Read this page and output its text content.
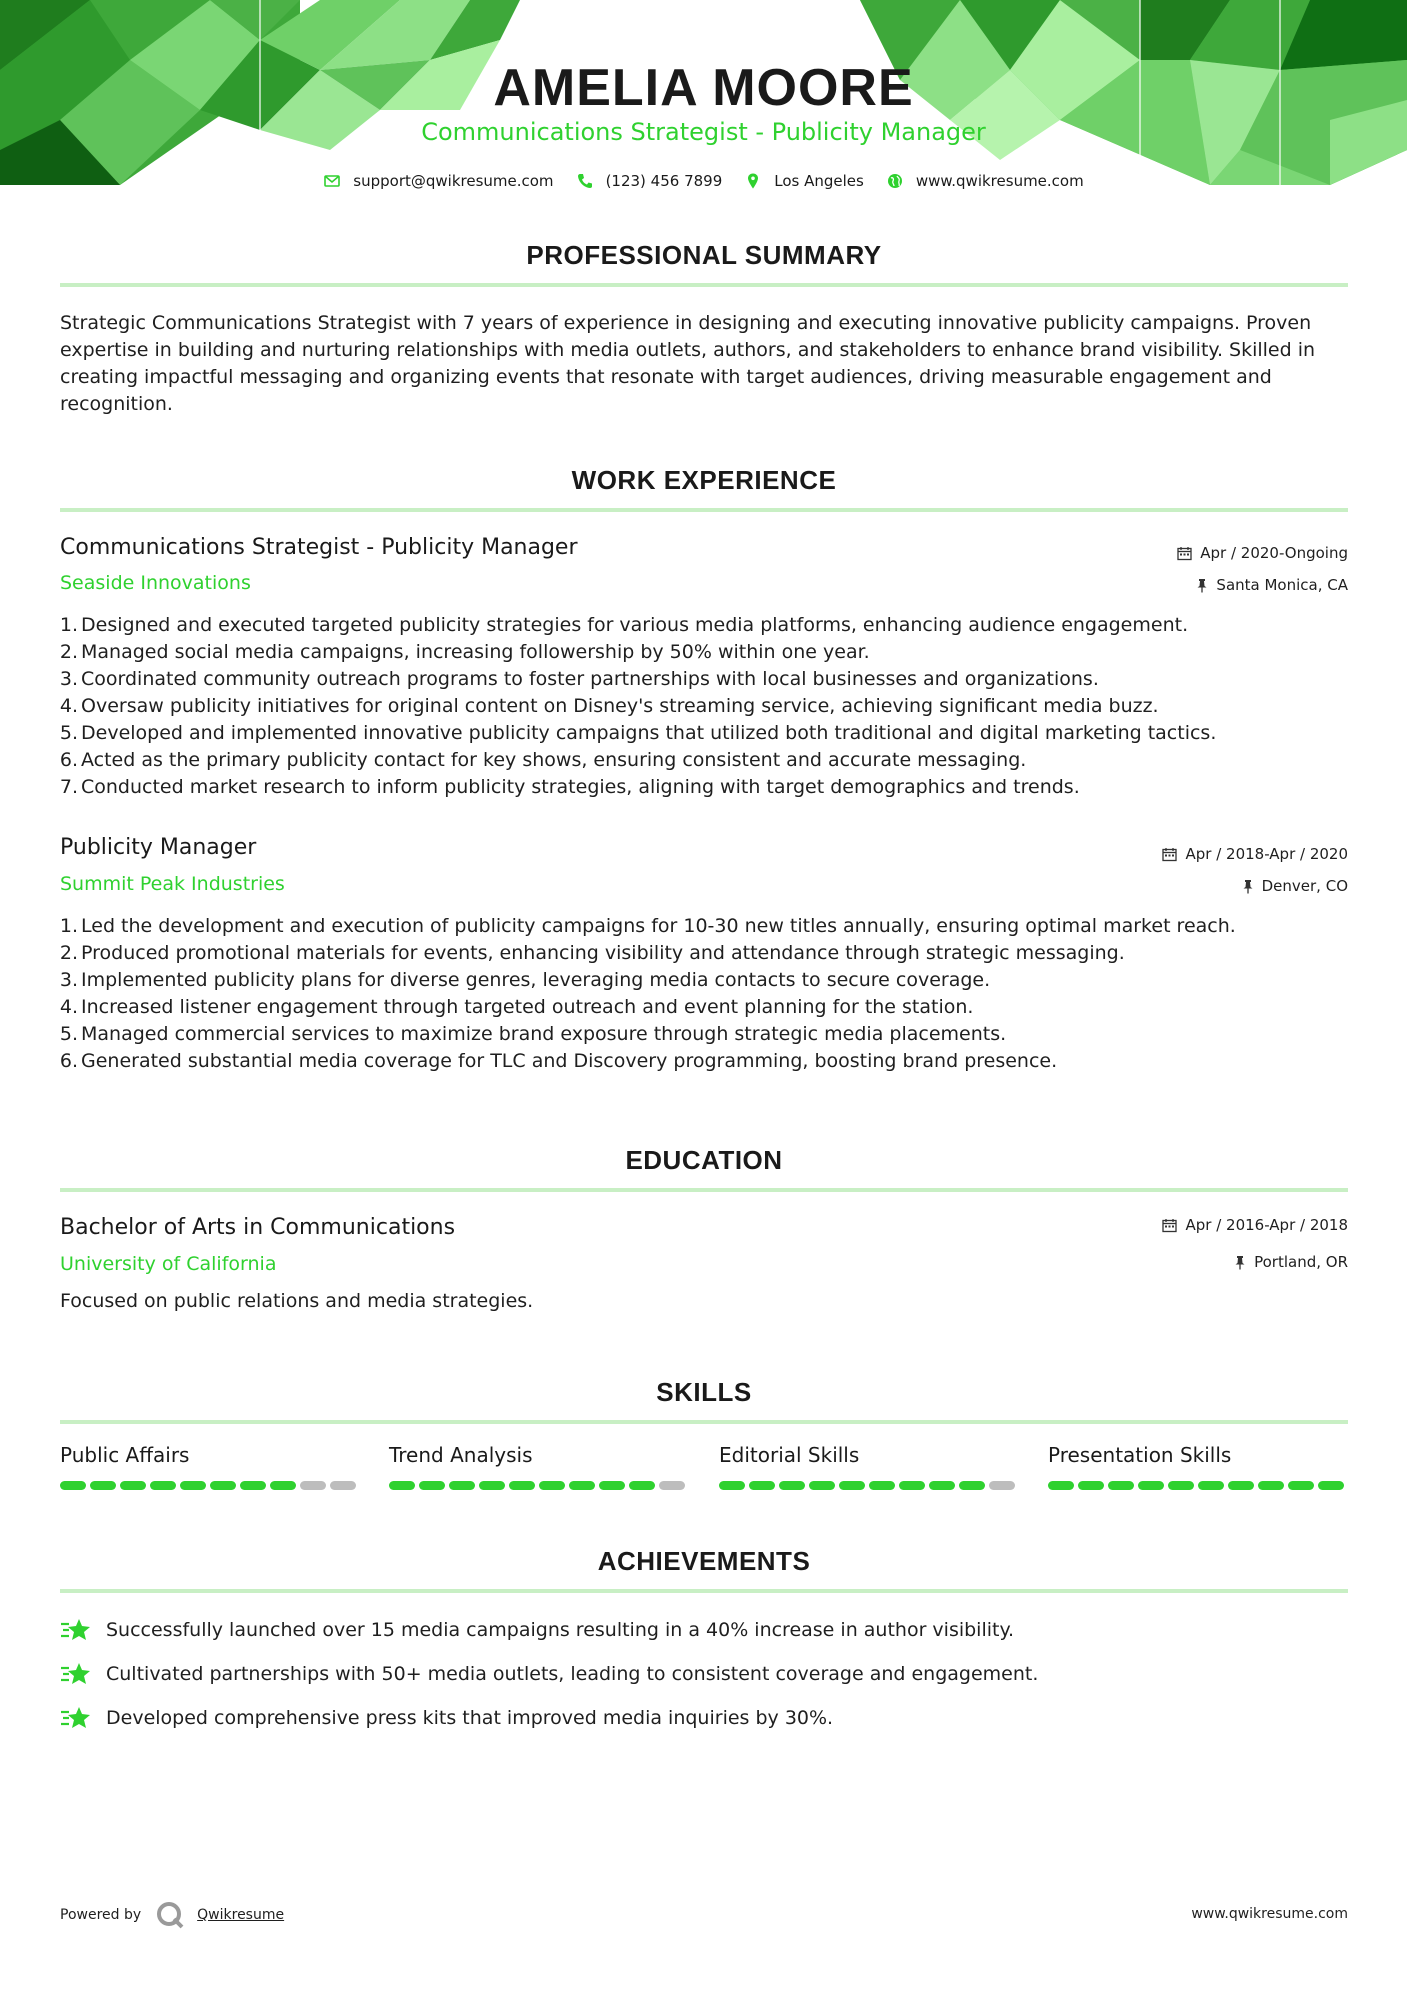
AMELIA MOORE
Communications Strategist - Publicity Manager
support@qwikresume.com	(123) 456 7899	Los Angeles	www.qwikresume.com
PROFESSIONAL SUMMARY
Strategic Communications Strategist with 7 years of experience in designing and executing innovative publicity campaigns. Proven expertise in building and nurturing relationships with media outlets, authors, and stakeholders to enhance brand visibility. Skilled in creating impactful messaging and organizing events that resonate with target audiences, driving measurable engagement and recognition.
WORK EXPERIENCE
Communications Strategist - Publicity Manager
Seaside Innovations
Apr / 2020-Ongoing
Santa Monica, CA
1. Designed and executed targeted publicity strategies for various media platforms, enhancing audience engagement.
2. Managed social media campaigns, increasing followership by 50% within one year.
3. Coordinated community outreach programs to foster partnerships with local businesses and organizations.
4. Oversaw publicity initiatives for original content on Disney's streaming service, achieving significant media buzz.
5. Developed and implemented innovative publicity campaigns that utilized both traditional and digital marketing tactics.
6. Acted as the primary publicity contact for key shows, ensuring consistent and accurate messaging.
7. Conducted market research to inform publicity strategies, aligning with target demographics and trends.
Publicity Manager
Summit Peak Industries
Apr / 2018-Apr / 2020
Denver, CO
1. Led the development and execution of publicity campaigns for 10-30 new titles annually, ensuring optimal market reach.
2. Produced promotional materials for events, enhancing visibility and attendance through strategic messaging.
3. Implemented publicity plans for diverse genres, leveraging media contacts to secure coverage.
4. Increased listener engagement through targeted outreach and event planning for the station.
5. Managed commercial services to maximize brand exposure through strategic media placements.
6. Generated substantial media coverage for TLC and Discovery programming, boosting brand presence.
EDUCATION
Bachelor of Arts in Communications
University of California
Apr / 2016-Apr / 2018
Portland, OR
Focused on public relations and media strategies.
SKILLS
Public Affairs	Trend Analysis	Editorial Skills	Presentation Skills
ACHIEVEMENTS
Successfully launched over 15 media campaigns resulting in a 40% increase in author visibility.
Cultivated partnerships with 50+ media outlets, leading to consistent coverage and engagement.
Developed comprehensive press kits that improved media inquiries by 30%.
Powered by	Qwikresume	www.qwikresume.com
